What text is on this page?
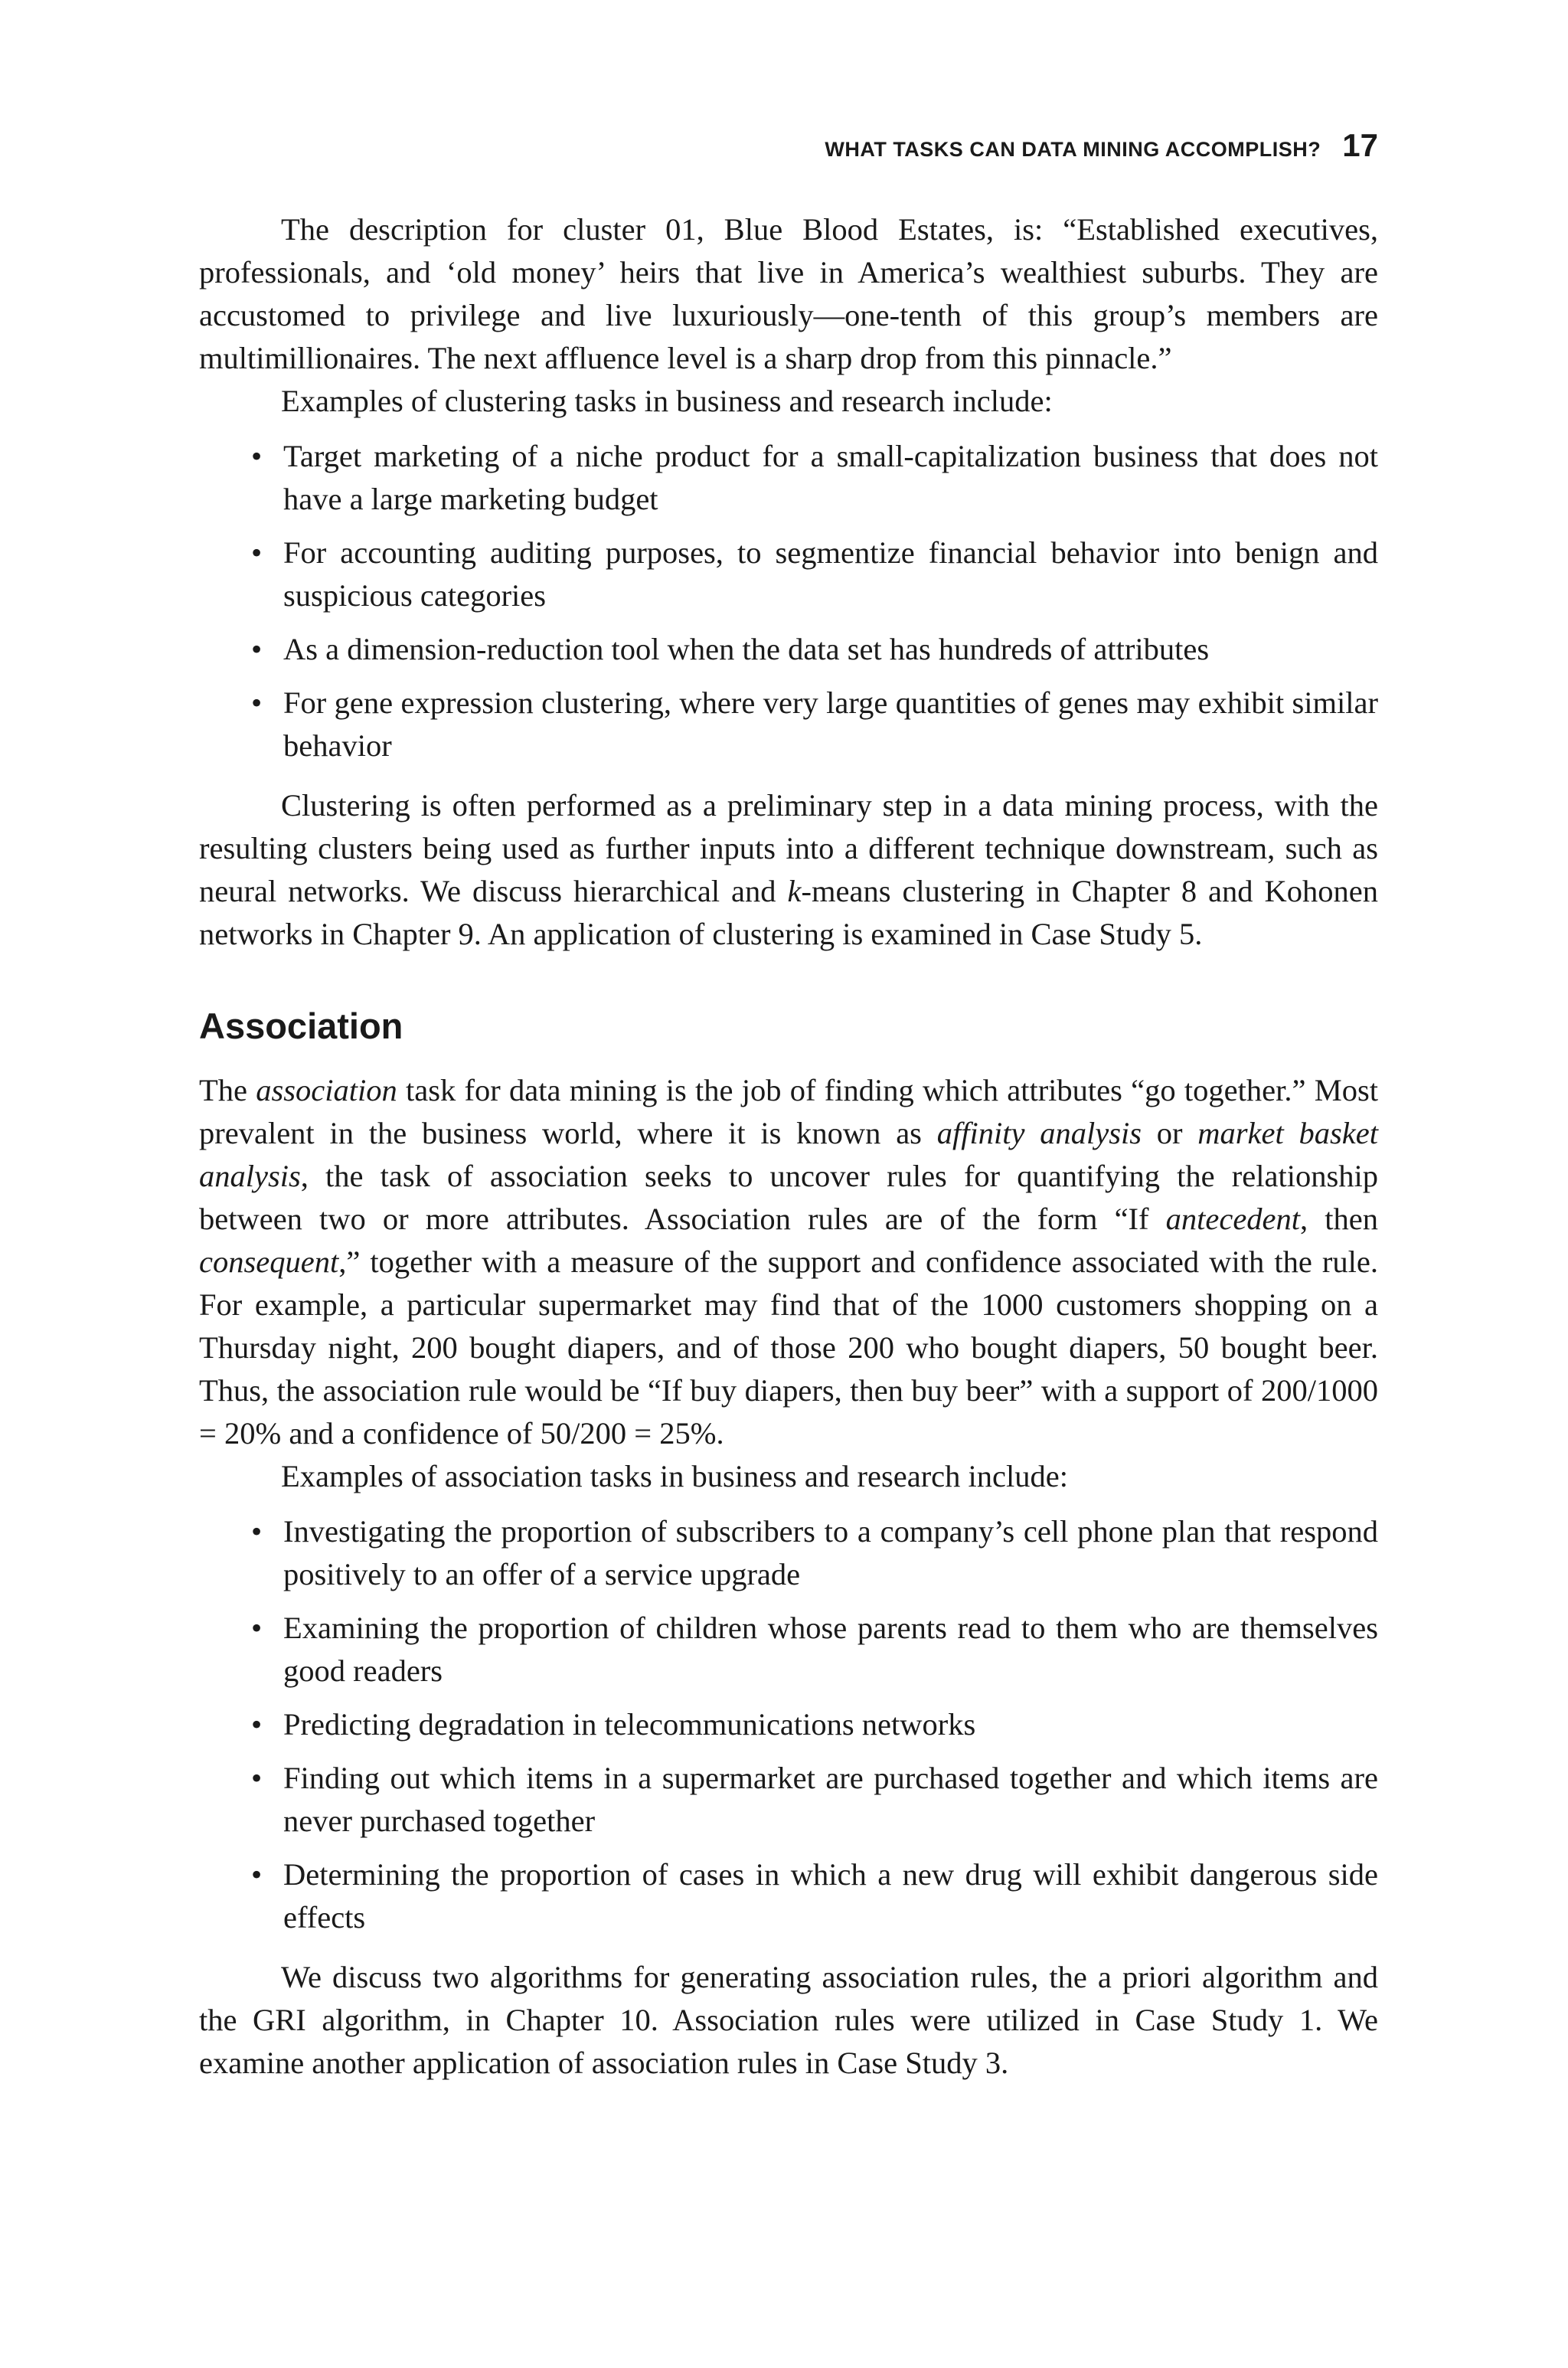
WHAT TASKS CAN DATA MINING ACCOMPLISH? 17

The description for cluster 01, Blue Blood Estates, is: “Established executives, professionals, and ‘old money’ heirs that live in America’s wealthiest suburbs. They are accustomed to privilege and live luxuriously—one-tenth of this group’s members are multimillionaires. The next affluence level is a sharp drop from this pinnacle.”

Examples of clustering tasks in business and research include:

• Target marketing of a niche product for a small-capitalization business that does not have a large marketing budget
• For accounting auditing purposes, to segmentize financial behavior into benign and suspicious categories
• As a dimension-reduction tool when the data set has hundreds of attributes
• For gene expression clustering, where very large quantities of genes may exhibit similar behavior

Clustering is often performed as a preliminary step in a data mining process, with the resulting clusters being used as further inputs into a different technique downstream, such as neural networks. We discuss hierarchical and k-means clustering in Chapter 8 and Kohonen networks in Chapter 9. An application of clustering is examined in Case Study 5.

Association

The association task for data mining is the job of finding which attributes “go together.” Most prevalent in the business world, where it is known as affinity analysis or market basket analysis, the task of association seeks to uncover rules for quantifying the relationship between two or more attributes. Association rules are of the form “If antecedent, then consequent,” together with a measure of the support and confidence associated with the rule. For example, a particular supermarket may find that of the 1000 customers shopping on a Thursday night, 200 bought diapers, and of those 200 who bought diapers, 50 bought beer. Thus, the association rule would be “If buy diapers, then buy beer” with a support of 200/1000 = 20% and a confidence of 50/200 = 25%.

Examples of association tasks in business and research include:

• Investigating the proportion of subscribers to a company’s cell phone plan that respond positively to an offer of a service upgrade
• Examining the proportion of children whose parents read to them who are themselves good readers
• Predicting degradation in telecommunications networks
• Finding out which items in a supermarket are purchased together and which items are never purchased together
• Determining the proportion of cases in which a new drug will exhibit dangerous side effects

We discuss two algorithms for generating association rules, the a priori algorithm and the GRI algorithm, in Chapter 10. Association rules were utilized in Case Study 1. We examine another application of association rules in Case Study 3.
